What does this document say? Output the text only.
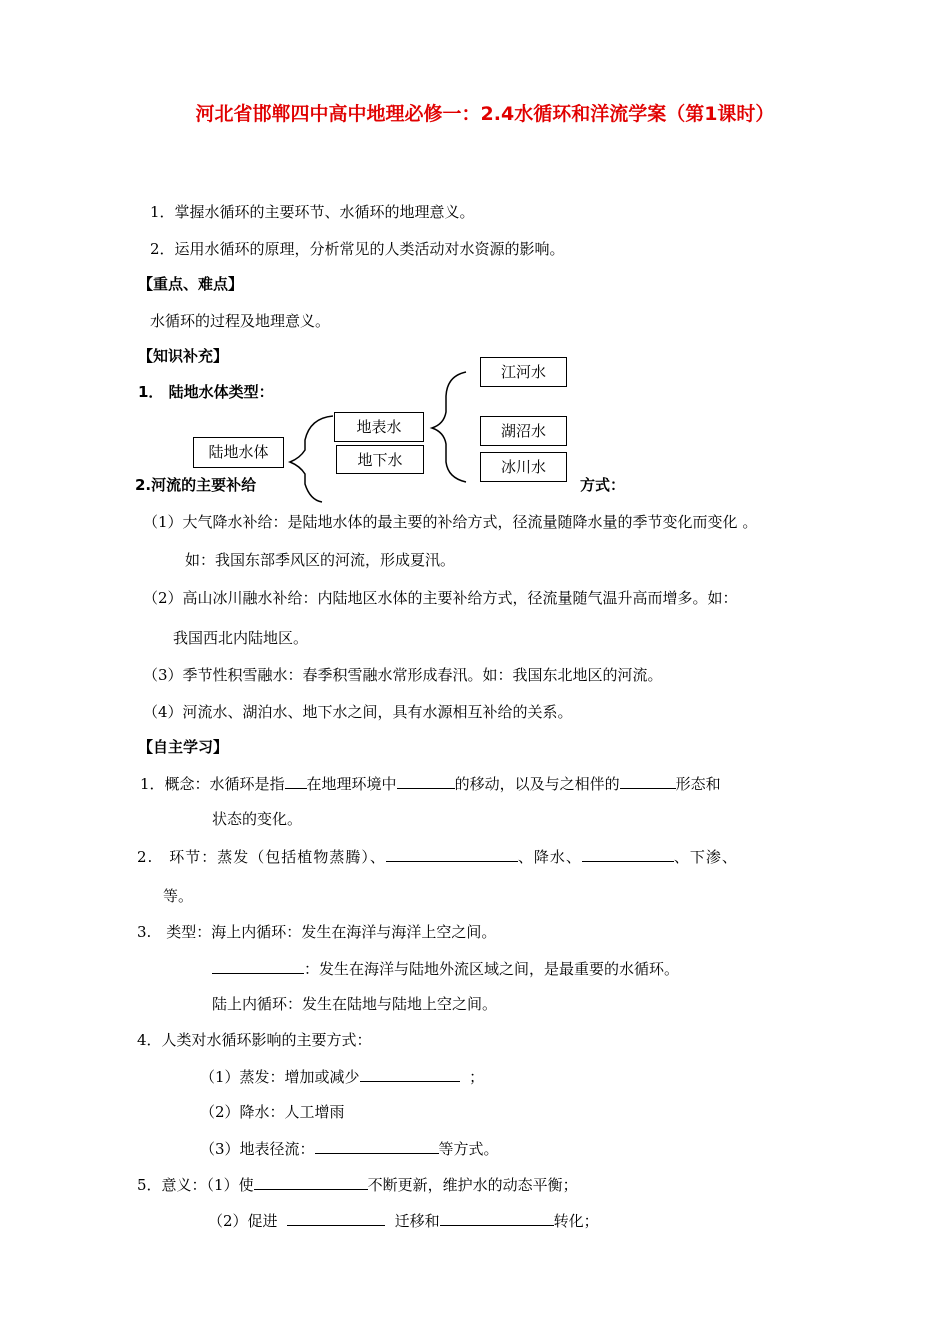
河北省邯郸四中高中地理必修一：2.4水循环和洋流学案（第1课时）
1．掌握水循环的主要环节、水循环的地理意义。
2．运用水循环的原理，分析常见的人类活动对水资源的影响。
【重点、难点】
水循环的过程及地理意义。
【知识补充】
1． 陆地水体类型：
陆地水体
地表水
地下水
江河水
湖沼水
冰川水
2.河流的主要补给	方式：
（1）大气降水补给：是陆地水体的最主要的补给方式，径流量随降水量的季节变化而变化 。
如：我国东部季风区的河流，形成夏汛。
（2）高山冰川融水补给：内陆地区水体的主要补给方式，径流量随气温升高而增多。如：
我国西北内陆地区。
（3）季节性积雪融水：春季积雪融水常形成春汛。如：我国东北地区的河流。
（4）河流水、湖泊水、地下水之间，具有水源相互补给的关系。
【自主学习】
1．概念：水循环是指 在地理环境中	的移动，以及与之相伴的	形态和
状态的变化。
2.　环节：蒸发（包括植物蒸腾）、	、降水、	、下渗、
等。
3.　类型：海上内循环：发生在海洋与海洋上空之间。
：发生在海洋与陆地外流区域之间，是最重要的水循环。
陆上内循环：发生在陆地与陆地上空之间。
4．人类对水循环影响的主要方式：
（1）蒸发：增加或减少	；
（2）降水：人工增雨
（3）地表径流：	等方式。
5．意义：（1）使	不断更新，维护水的动态平衡；
（2）促进	迁移和	转化；
